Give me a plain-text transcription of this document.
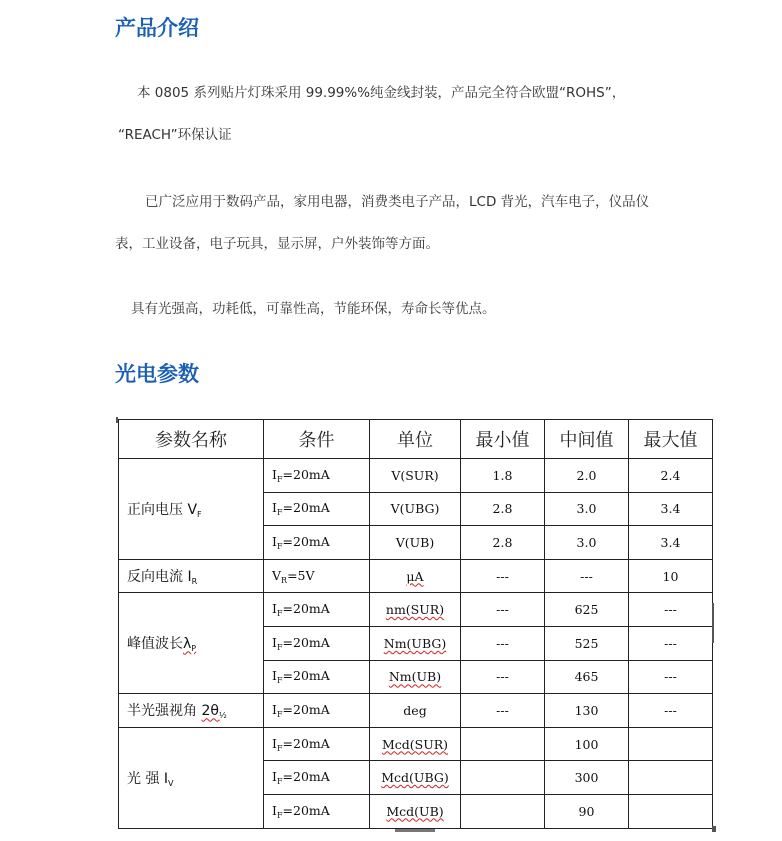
产品介绍

本 0805 系列贴片灯珠采用 99.99%%纯金线封装，产品完全符合欧盟“ROHS”，

“REACH”环保认证

已广泛应用于数码产品，家用电器，消费类电子产品，LCD 背光，汽车电子，仪品仪

表，工业设备，电子玩具，显示屏，户外装饰等方面。

具有光强高，功耗低，可靠性高，节能环保，寿命长等优点。

光电参数
参数名称	条件	单位	最小值	中间值	最大值
正向电压 $V_F$	$I_F=20mA$	V(SUR)	1.8	2.0	2.4
	$I_F=20mA$	V(UBG)	2.8	3.0	3.4
	$I_F=20mA$	V(UB)	2.8	3.0	3.4
反向电流 $I_R$	$V_R=5V$	μA	---	---	10
峰值波长$\lambda_P$	$I_F=20mA$	nm(SUR)	---	625	---
	$I_F=20mA$	Nm(UBG)	---	525	---
	$I_F=20mA$	Nm(UB)	---	465	---
半光强视角 $2\theta_{\frac{1}{2}}$	$I_F=20mA$	deg	---	130	---
光 强 $I_V$	$I_F=20mA$	Mcd(SUR)		100	
	$I_F=20mA$	Mcd(UBG)		300	
	$I_F=20mA$	Mcd(UB)		90	
